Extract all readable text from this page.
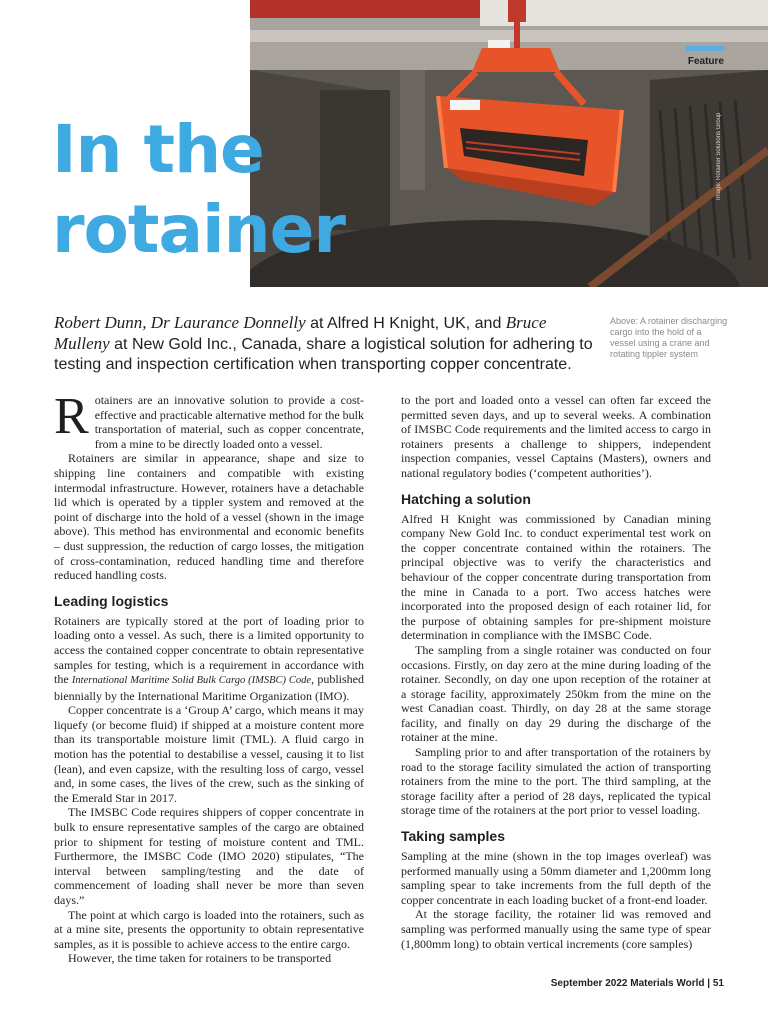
Image: Rotainer Solutions Group
Feature
In the
rotainer

Robert Dunn, Dr Laurance Donnelly at Alfred H Knight, UK, and Bruce Mulleny at New Gold Inc., Canada, share a logistical solution for adhering to testing and inspection certification when transporting copper concentrate.

Above: A rotainer discharging cargo into the hold of a vessel using a crane and rotating tippler system

Rotainers are an innovative solution to provide a cost-effective and practicable alternative method for the bulk transportation of material, such as copper concentrate, from a mine to be directly loaded onto a vessel.

Rotainers are similar in appearance, shape and size to shipping line containers and compatible with existing intermodal infrastructure. However, rotainers have a detachable lid which is operated by a tippler system and removed at the point of discharge into the hold of a vessel (shown in the image above). This method has environmental and economic benefits – dust suppression, the reduction of cargo losses, the mitigation of cross-contamination, reduced handling time and therefore reduced handling costs.

Leading logistics

Rotainers are typically stored at the port of loading prior to loading onto a vessel. As such, there is a limited opportunity to access the contained copper concentrate to obtain representative samples for testing, which is a requirement in accordance with the International Maritime Solid Bulk Cargo (IMSBC) Code, published biennially by the International Maritime Organization (IMO).

Copper concentrate is a ‘Group A’ cargo, which means it may liquefy (or become fluid) if shipped at a moisture content more than its transportable moisture limit (TML). A fluid cargo in motion has the potential to destabilise a vessel, causing it to list (lean), and even capsize, with the resulting loss of cargo, vessel and, in some cases, the lives of the crew, such as the sinking of the Emerald Star in 2017.

The IMSBC Code requires shippers of copper concentrate in bulk to ensure representative samples of the cargo are obtained prior to shipment for testing of moisture content and TML. Furthermore, the IMSBC Code (IMO 2020) stipulates, “The interval between sampling/testing and the date of commencement of loading shall never be more than seven days.”

The point at which cargo is loaded into the rotainers, such as at a mine site, presents the opportunity to obtain representative samples, as it is possible to achieve access to the entire cargo.

However, the time taken for rotainers to be transported

to the port and loaded onto a vessel can often far exceed the permitted seven days, and up to several weeks. A combination of IMSBC Code requirements and the limited access to cargo in rotainers presents a challenge to shippers, independent inspection companies, vessel Captains (Masters), owners and national regulatory bodies (‘competent authorities’).

Hatching a solution

Alfred H Knight was commissioned by Canadian mining company New Gold Inc. to conduct experimental test work on the copper concentrate contained within the rotainers. The principal objective was to verify the characteristics and behaviour of the copper concentrate during transportation from the mine in Canada to a port. Two access hatches were incorporated into the proposed design of each rotainer lid, for the purpose of obtaining samples for pre-shipment moisture determination in compliance with the IMSBC Code.

The sampling from a single rotainer was conducted on four occasions. Firstly, on day zero at the mine during loading of the rotainer. Secondly, on day one upon reception of the rotainer at a storage facility, approximately 250km from the mine on the west Canadian coast. Thirdly, on day 28 at the same storage facility, and finally on day 29 during the discharge of the rotainer at the mine.

Sampling prior to and after transportation of the rotainers by road to the storage facility simulated the action of transporting rotainers from the mine to the port. The third sampling, at the storage facility after a period of 28 days, replicated the typical storage time of the rotainers at the port prior to vessel loading.

Taking samples

Sampling at the mine (shown in the top images overleaf) was performed manually using a 50mm diameter and 1,200mm long sampling spear to take increments from the full depth of the copper concentrate in each loading bucket of a front-end loader.

At the storage facility, the rotainer lid was removed and sampling was performed manually using the same type of spear (1,800mm long) to obtain vertical increments (core samples)

September 2022 Materials World | 51
